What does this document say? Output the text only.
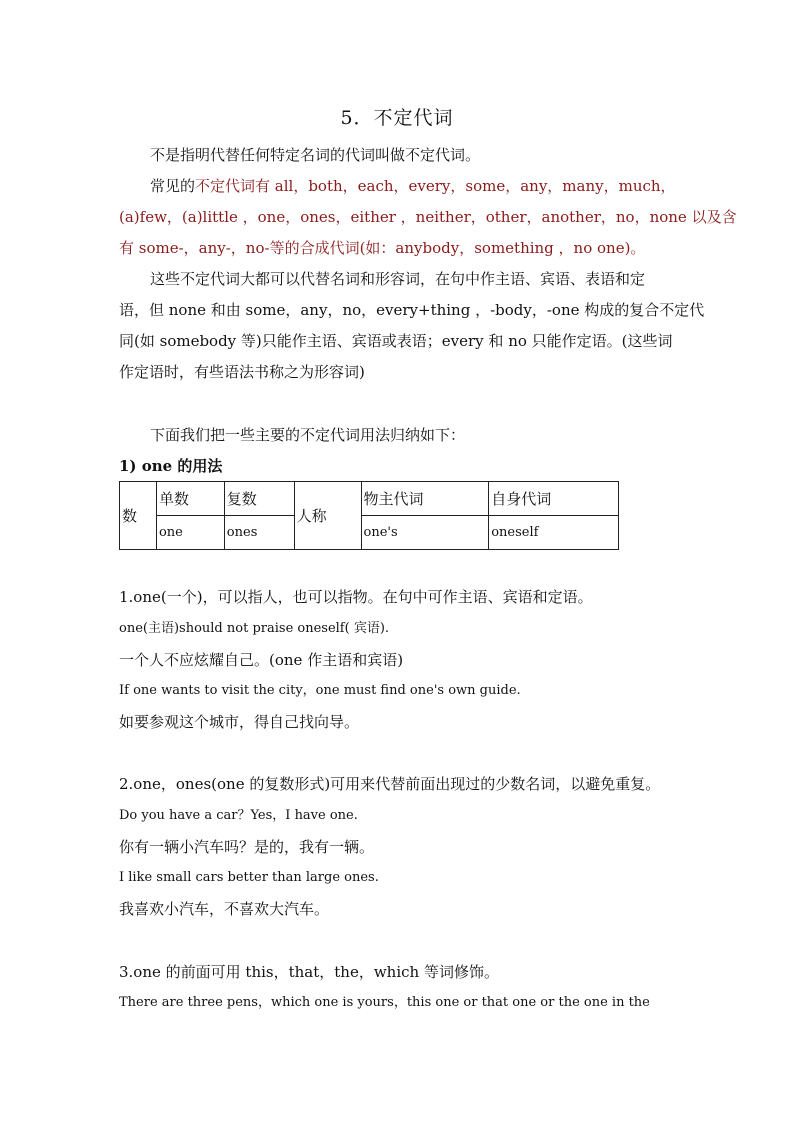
5．不定代词
不是指明代替任何特定名词的代词叫做不定代词。
常见的不定代词有 all，both，each，every，some，any，many，much，
(a)few，(a)little ，one，ones，either ，neither，other，another，no，none 以及含
有 some-，any-，no-等的合成代词(如：anybody，something ，no one)。
这些不定代词大都可以代替名词和形容词，在句中作主语、宾语、表语和定
语，但 none 和由 some，any，no，every+thing ，-body，-one 构成的复合不定代
同(如 somebody 等)只能作主语、宾语或表语；every 和 no 只能作定语。(这些词
作定语时，有些语法书称之为形容词)
下面我们把一些主要的不定代词用法归纳如下：
1) one 的用法
数	单数	复数	人称	物主代词	自身代词
	one	ones		one's	oneself
1.one(一个)，可以指人，也可以指物。在句中可作主语、宾语和定语。
one(主语)should not praise oneself( 宾语).
一个人不应炫耀自己。(one 作主语和宾语)
If one wants to visit the city，one must find one's own guide.
如要参观这个城市，得自己找向导。
2.one，ones(one 的复数形式)可用来代替前面出现过的少数名词，以避免重复。
Do you have a car？Yes，I have one.
你有一辆小汽车吗？是的，我有一辆。
I like small cars better than large ones.
我喜欢小汽车，不喜欢大汽车。
3.one 的前面可用 this，that，the，which 等词修饰。
There are three pens，which one is yours，this one or that one or the one in the
